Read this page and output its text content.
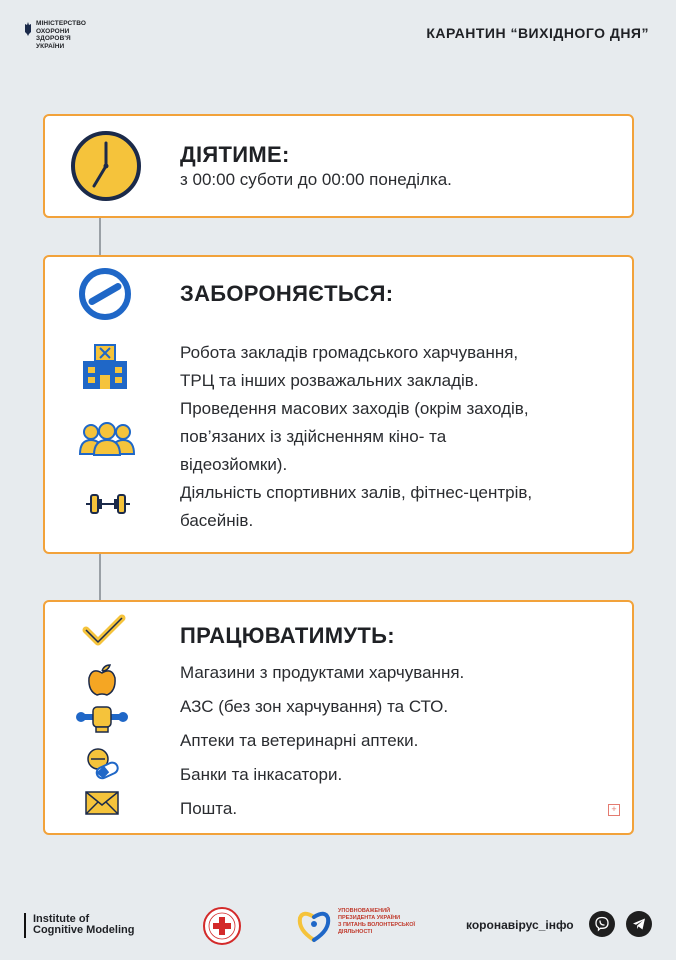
МІНІСТЕРСТВО
ОХОРОНИ
ЗДОРОВ'Я
УКРАЇНИ
КАРАНТИН “ВИХІДНОГО ДНЯ”
ДІЯТИМЕ:
з 00:00 суботи до 00:00 понеділка.
ЗАБОРОНЯЄТЬСЯ:
Робота закладів громадського харчування,
ТРЦ та інших розважальних закладів.
Проведення масових заходів (окрім заходів,
пов’язаних із здійсненням кіно- та
відеозйомки).
Діяльність спортивних залів, фітнес-центрів,
басейнів.
ПРАЦЮВАТИМУТЬ:
Магазини з продуктами харчування.
АЗС (без зон харчування) та СТО.
Аптеки та ветеринарні аптеки.
Банки та інкасатори.
Пошта.	+
Institute of
Cognitive Modeling
УПОВНОВАЖЕНИЙ
ПРЕЗИДЕНТА УКРАЇНИ
З ПИТАНЬ ВОЛОНТЕРСЬКОЇ
ДІЯЛЬНОСТІ	коронавірус_інфо
